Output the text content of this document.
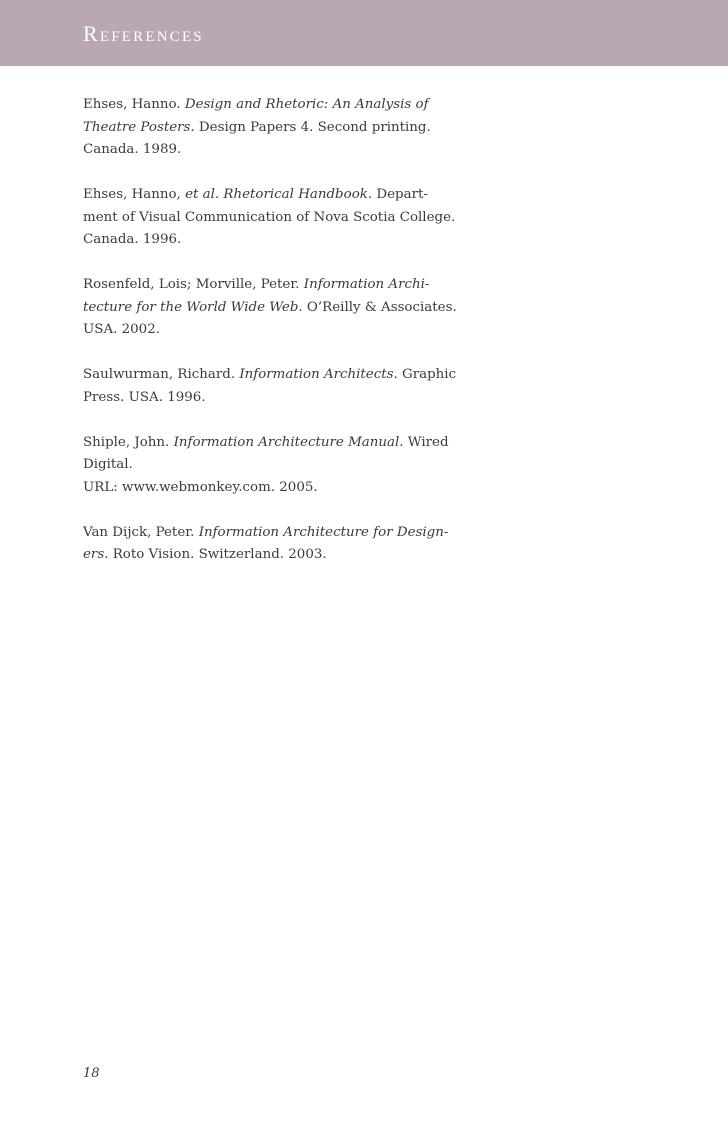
References
Ehses, Hanno. Design and Rhetoric: An Analysis of
Theatre Posters. Design Papers 4. Second printing.
Canada. 1989.
Ehses, Hanno, et al. Rhetorical Handbook. Depart-
ment of Visual Communication of Nova Scotia College.
Canada. 1996.
Rosenfeld, Lois; Morville, Peter. Information Archi-
tecture for the World Wide Web. O’Reilly & Associates.
USA. 2002.
Saulwurman, Richard. Information Architects. Graphic
Press. USA. 1996.
Shiple, John. Information Architecture Manual. Wired
Digital.
URL: www.webmonkey.com. 2005.
Van Dijck, Peter. Information Architecture for Design-
ers. Roto Vision. Switzerland. 2003.
18
